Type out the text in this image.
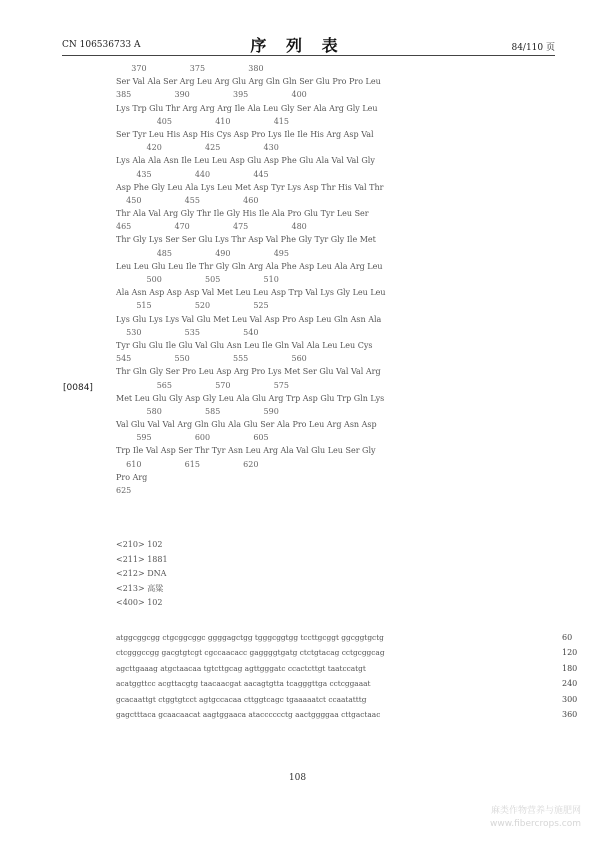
CN 106536733 A	序 列 表	84/110 页
[0084]
370                 375                 380
Ser Val Ala Ser Arg Leu Arg Glu Arg Gln Gln Ser Glu Pro Pro Leu
385                 390                 395                 400
Lys Trp Glu Thr Arg Arg Arg Ile Ala Leu Gly Ser Ala Arg Gly Leu
405                 410                 415
Ser Tyr Leu His Asp His Cys Asp Pro Lys Ile Ile His Arg Asp Val
420                 425                 430
Lys Ala Ala Asn Ile Leu Leu Asp Glu Asp Phe Glu Ala Val Val Gly
435                 440                 445
Asp Phe Gly Leu Ala Lys Leu Met Asp Tyr Lys Asp Thr His Val Thr
450                 455                 460
Thr Ala Val Arg Gly Thr Ile Gly His Ile Ala Pro Glu Tyr Leu Ser
465                 470                 475                 480
Thr Gly Lys Ser Ser Glu Lys Thr Asp Val Phe Gly Tyr Gly Ile Met
485                 490                 495
Leu Leu Glu Leu Ile Thr Gly Gln Arg Ala Phe Asp Leu Ala Arg Leu
500                 505                 510
Ala Asn Asp Asp Asp Val Met Leu Leu Asp Trp Val Lys Gly Leu Leu
515                 520                 525
Lys Glu Lys Lys Val Glu Met Leu Val Asp Pro Asp Leu Gln Asn Ala
530                 535                 540
Tyr Glu Glu Ile Glu Val Glu Asn Leu Ile Gln Val Ala Leu Leu Cys
545                 550                 555                 560
Thr Gln Gly Ser Pro Leu Asp Arg Pro Lys Met Ser Glu Val Val Arg
565                 570                 575
Met Leu Glu Gly Asp Gly Leu Ala Glu Arg Trp Asp Glu Trp Gln Lys
580                 585                 590
Val Glu Val Val Arg Gln Glu Ala Glu Ser Ala Pro Leu Arg Asn Asp
595                 600                 605
Trp Ile Val Asp Ser Thr Tyr Asn Leu Arg Ala Val Glu Leu Ser Gly
610                 615                 620
Pro Arg
625
<210> 102
<211> 1881
<212> DNA
<213> 高粱
<400> 102
atggcggcgg ctgcggcggc ggggagctgg tgggcggtgg tccttgcggt ggcggtgctg	60
ctcgggccgg gacgtgtcgt cgccaacacc gaggggtgatg ctctgtacag cctgcggcag	120
agcttgaaag atgctaacaa tgtcttgcag agttgggatc ccactcttgt taatccatgt	180
acatggttcc acgttacgtg taacaacgat aacagtgtta tcagggttga cctcggaaat	240
gcacaattgt ctggtgtcct agtgccacaa cttggtcagc tgaaaaatct ccaatatttg	300
gagctttaca gcaacaacat aagtggaaca atacccccctg aactggggaa cttgactaac	360
108
麻类作物营养与施肥网
www.fibercrops.com
